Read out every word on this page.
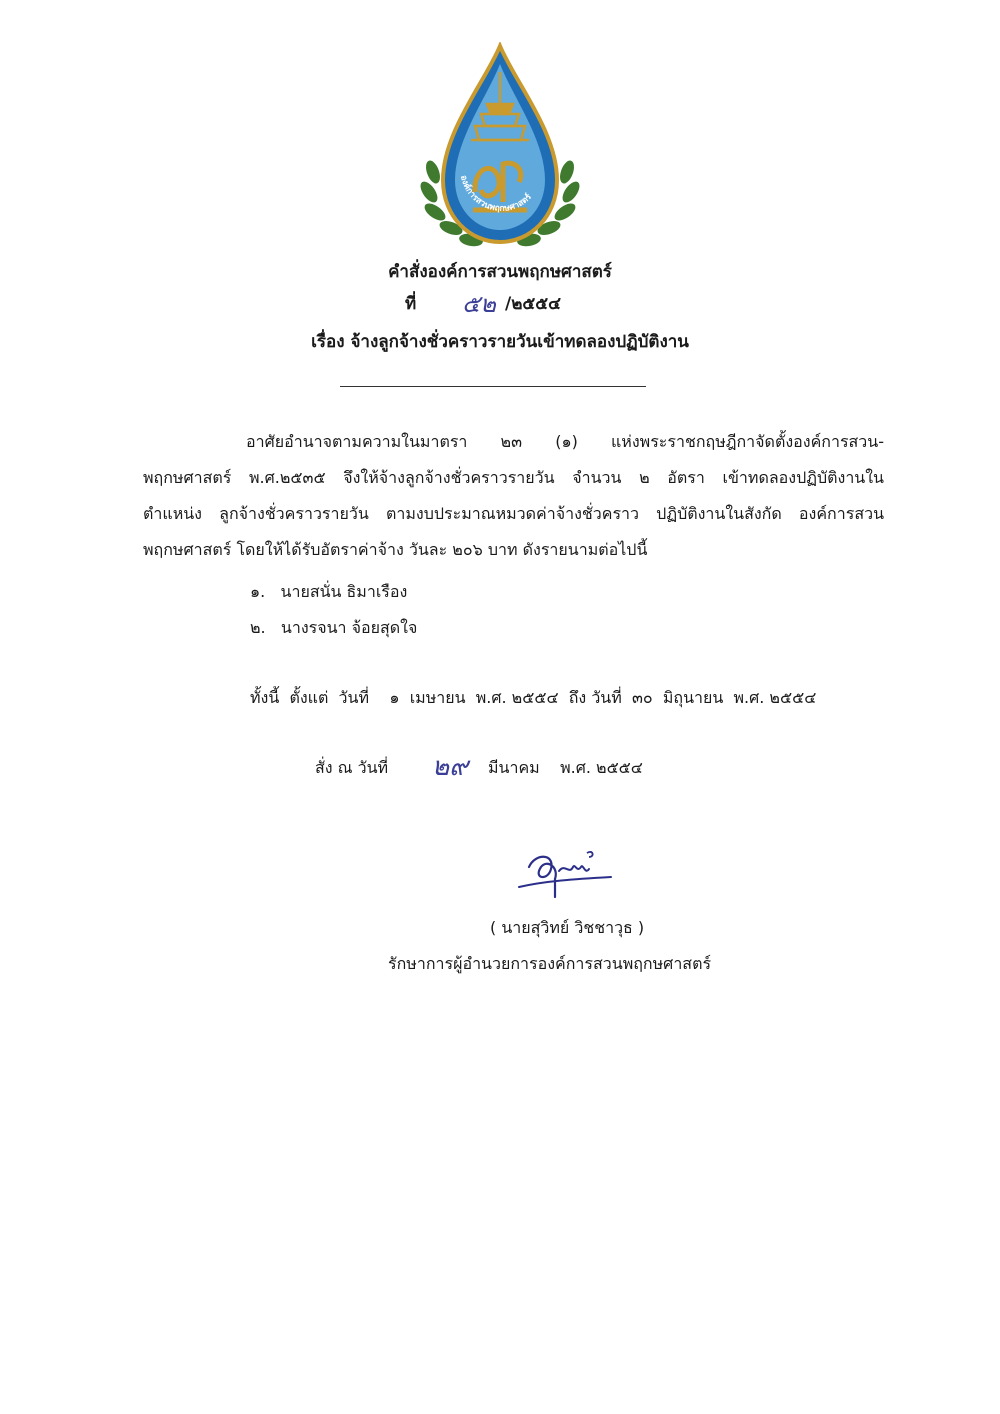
องค์การสวนพฤกษศาสตร์
คำสั่งองค์การสวนพฤกษศาสตร์
ที่ ๕๒ /๒๕๕๔
เรื่อง จ้างลูกจ้างชั่วคราวรายวันเข้าทดลองปฏิบัติงาน
อาศัยอำนาจตามความในมาตรา ๒๓ (๑) แห่งพระราชกฤษฎีกาจัดตั้งองค์การสวน-
พฤกษศาสตร์ พ.ศ.๒๕๓๕ จึงให้จ้างลูกจ้างชั่วคราวรายวัน จำนวน ๒ อัตรา เข้าทดลองปฏิบัติงานใน
ตำแหน่ง ลูกจ้างชั่วคราวรายวัน ตามงบประมาณหมวดค่าจ้างชั่วคราว ปฏิบัติงานในสังกัด องค์การสวน
พฤกษศาสตร์ โดยให้ได้รับอัตราค่าจ้าง วันละ ๒๐๖ บาท ดังรายนามต่อไปนี้
๑. นายสนั่น ธิมาเรือง
๒. นางรจนา จ้อยสุดใจ
ทั้งนี้  ตั้งแต่  วันที่    ๑  เมษายน  พ.ศ. ๒๕๕๔  ถึง วันที่  ๓๐  มิถุนายน  พ.ศ. ๒๕๕๔
สั่ง ณ วันที่ ๒๙ มีนาคม    พ.ศ. ๒๕๕๔
( นายสุวิทย์ วิชชาวุธ )
รักษาการผู้อำนวยการองค์การสวนพฤกษศาสตร์
